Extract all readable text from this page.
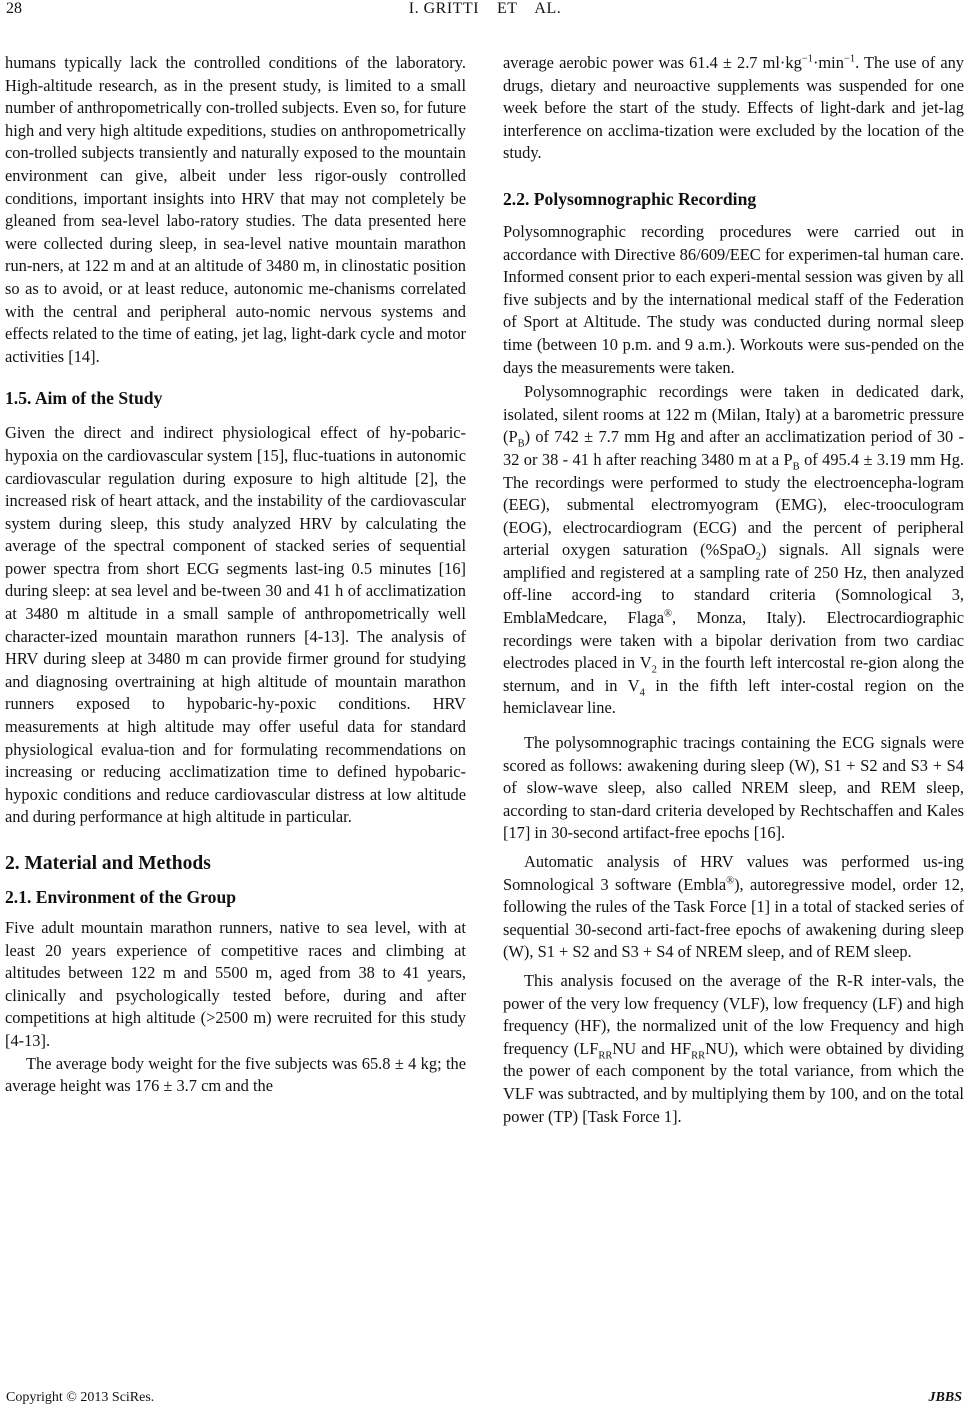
28	I. GRITTI    ET    AL.

humans typically lack the controlled conditions of the laboratory. High-altitude research, as in the present study, is limited to a small number of anthropometrically con-trolled subjects. Even so, for future high and very high altitude expeditions, studies on anthropometrically con-trolled subjects transiently and naturally exposed to the mountain environment can give, albeit under less rigor-ously controlled conditions, important insights into HRV that may not completely be gleaned from sea-level labo-ratory studies. The data presented here were collected during sleep, in sea-level native mountain marathon run-ners, at 122 m and at an altitude of 3480 m, in clinostatic position so as to avoid, or at least reduce, autonomic me-chanisms correlated with the central and peripheral auto-nomic nervous systems and effects related to the time of eating, jet lag, light-dark cycle and motor activities [14].

1.5. Aim of the Study

Given the direct and indirect physiological effect of hy-pobaric-hypoxia on the cardiovascular system [15], fluc-tuations in autonomic cardiovascular regulation during exposure to high altitude [2], the increased risk of heart attack, and the instability of the cardiovascular system during sleep, this study analyzed HRV by calculating the average of the spectral component of stacked series of sequential power spectra from short ECG segments last-ing 0.5 minutes [16] during sleep: at sea level and be-tween 30 and 41 h of acclimatization at 3480 m altitude in a small sample of anthropometrically well character-ized mountain marathon runners [4-13]. The analysis of HRV during sleep at 3480 m can provide firmer ground for studying and diagnosing overtraining at high altitude of mountain marathon runners exposed to hypobaric-hy-poxic conditions. HRV measurements at high altitude may offer useful data for standard physiological evalua-tion and for formulating recommendations on increasing or reducing acclimatization time to defined hypobaric-hypoxic conditions and reduce cardiovascular distress at low altitude and during performance at high altitude in particular.

2. Material and Methods
2.1. Environment of the Group

Five adult mountain marathon runners, native to sea level, with at least 20 years experience of competitive races and climbing at altitudes between 122 m and 5500 m, aged from 38 to 41 years, clinically and psychologically tested before, during and after competitions at high altitude (>2500 m) were recruited for this study [4-13].

The average body weight for the five subjects was 65.8 ± 4 kg; the average height was 176 ± 3.7 cm and the

average aerobic power was 61.4 ± 2.7 $ml\cdot kg^{-1}\cdot\min^{-1}$. The use of any drugs, dietary and neuroactive supplements was suspended for one week before the start of the study. Effects of light-dark and jet-lag interference on acclima-tization were excluded by the location of the study.

2.2. Polysomnographic Recording

Polysomnographic recording procedures were carried out in accordance with Directive 86/609/EEC for experimen-tal human care. Informed consent prior to each experi-mental session was given by all five subjects and by the international medical staff of the Federation of Sport at Altitude. The study was conducted during normal sleep time (between 10 p.m. and 9 a.m.). Workouts were sus-pended on the days the measurements were taken.

Polysomnographic recordings were taken in dedicated dark, isolated, silent rooms at 122 m (Milan, Italy) at a barometric pressure $(P_B)$ of 742 ± 7.7 mm Hg and after an acclimatization period of 30 - 32 or 38 - 41 h after reaching 3480 m at a $P_B$ of 495.4 ± 3.19 mm Hg. The recordings were performed to study the electroencepha-logram (EEG), submental electromyogram (EMG), elec-trooculogram (EOG), electrocardiogram (ECG) and the percent of peripheral arterial oxygen saturation (%SpaO$_2$) signals. All signals were amplified and registered at a sampling rate of 250 Hz, then analyzed off-line accord-ing to standard criteria (Somnological 3, EmblaMedcare, Flaga®, Monza, Italy). Electrocardiographic recordings were taken with a bipolar derivation from two cardiac electrodes placed in $V_2$ in the fourth left intercostal re-gion along the sternum, and in $V_4$ in the fifth left inter-costal region on the hemiclavear line.

The polysomnographic tracings containing the ECG signals were scored as follows: awakening during sleep (W), S1 + S2 and S3 + S4 of slow-wave sleep, also called NREM sleep, and REM sleep, according to stan-dard criteria developed by Rechtschaffen and Kales [17] in 30-second artifact-free epochs [16].

Automatic analysis of HRV values was performed us-ing Somnological 3 software (Embla®), autoregressive model, order 12, following the rules of the Task Force [1] in a total of stacked series of sequential 30-second arti-fact-free epochs of awakening during sleep (W), S1 + S2 and S3 + S4 of NREM sleep, and of REM sleep.

This analysis focused on the average of the R-R inter-vals, the power of the very low frequency (VLF), low frequency (LF) and high frequency (HF), the normalized unit of the low Frequency and high frequency ($LF_{RR}NU$ and $HF_{RR}NU$), which were obtained by dividing the power of each component by the total variance, from which the VLF was subtracted, and by multiplying them by 100, and on the total power (TP) [Task Force 1].

Copyright © 2013 SciRes.	JBBS
